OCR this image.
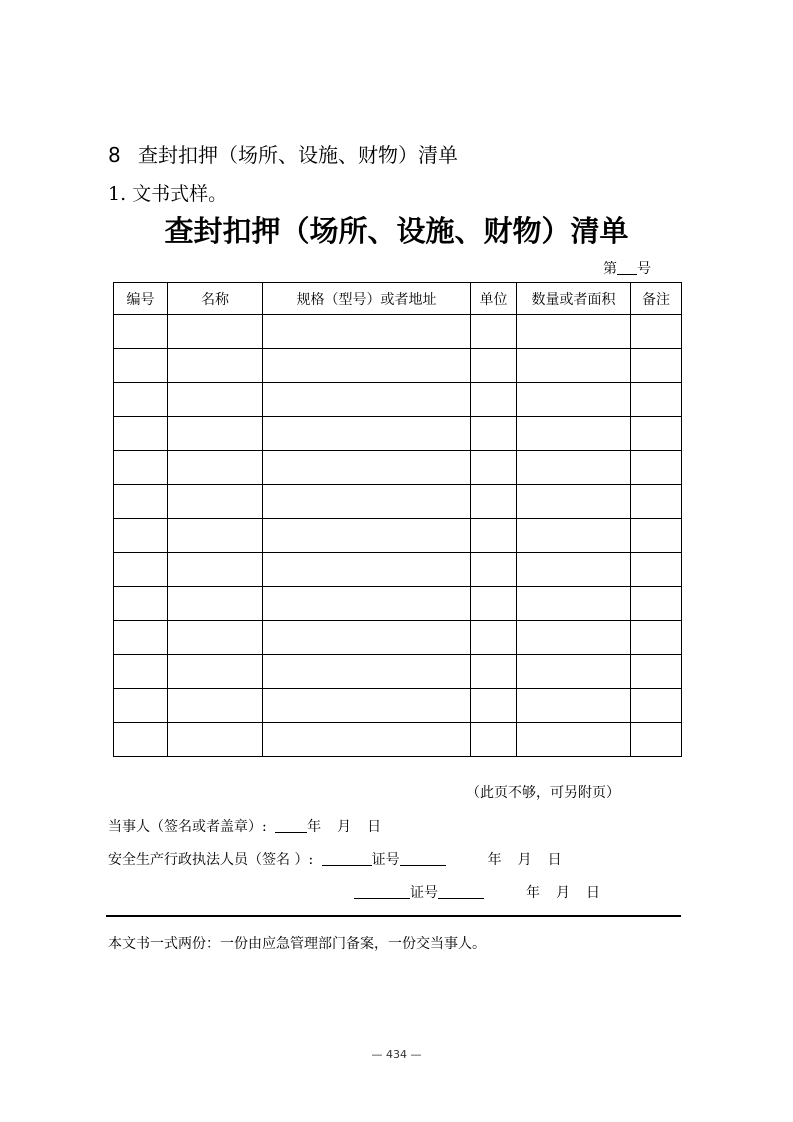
8 查封扣押（场所、设施、财物）清单
1. 文书式样。
查封扣押（场所、设施、财物）清单
第 号
编号	名称	规格（型号）或者地址	单位	数量或者面积	备注

（此页不够，可另附页）
当事人（签名或者盖章）:	年 月 日
安全生产行政执法人员（签名 ）:	证号	年 月 日
证号	年 月 日
本文书一式两份：一份由应急管理部门备案，一份交当事人。
— 434 —
